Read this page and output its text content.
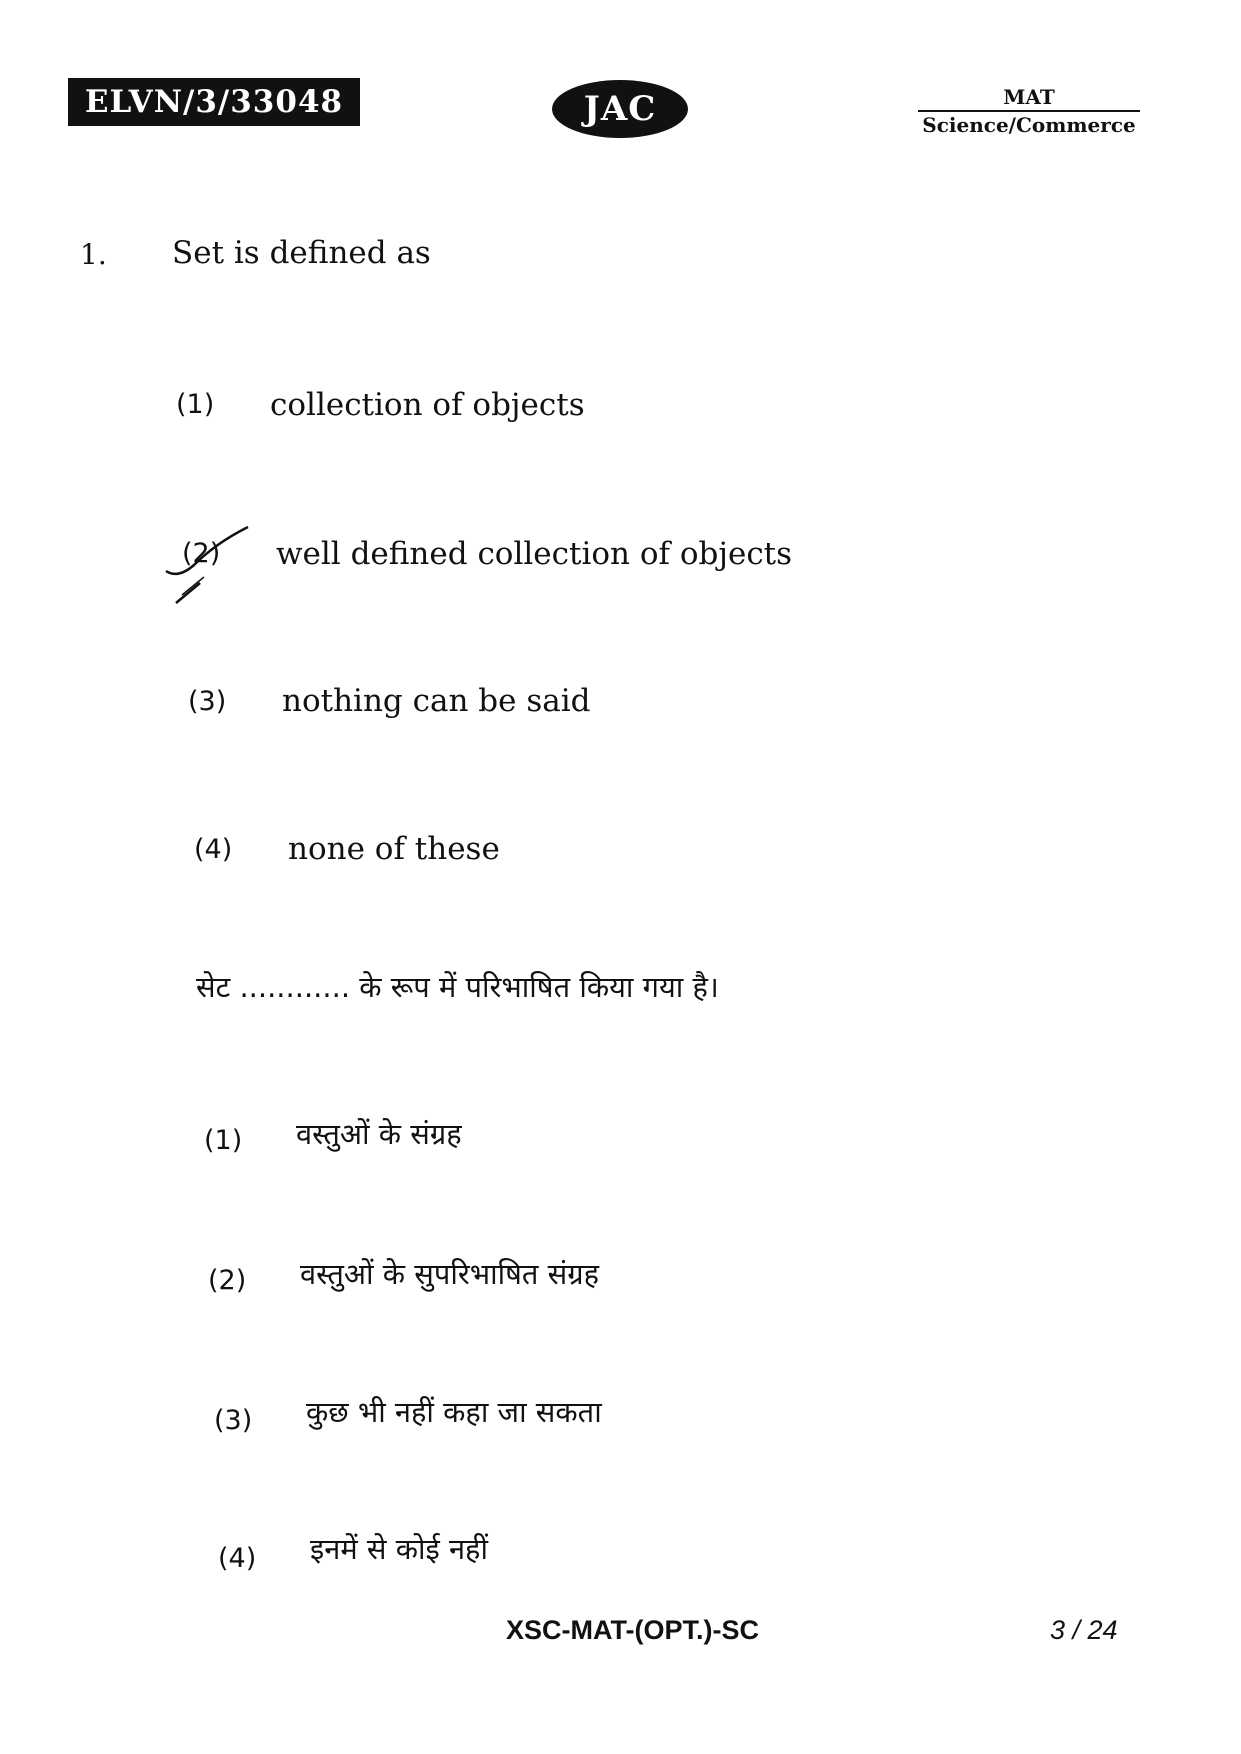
ELVN/3/33048	JAC	MAT
Science/Commerce
1. Set is defined as
(1) collection of objects
(2) well defined collection of objects
(3) nothing can be said
(4) none of these
सेट ............ के रूप में परिभाषित किया गया है।
(1) वस्तुओं के संग्रह
(2) वस्तुओं के सुपरिभाषित संग्रह
(3) कुछ भी नहीं कहा जा सकता
(4) इनमें से कोई नहीं
XSC-MAT-(OPT.)-SC	3 / 24
